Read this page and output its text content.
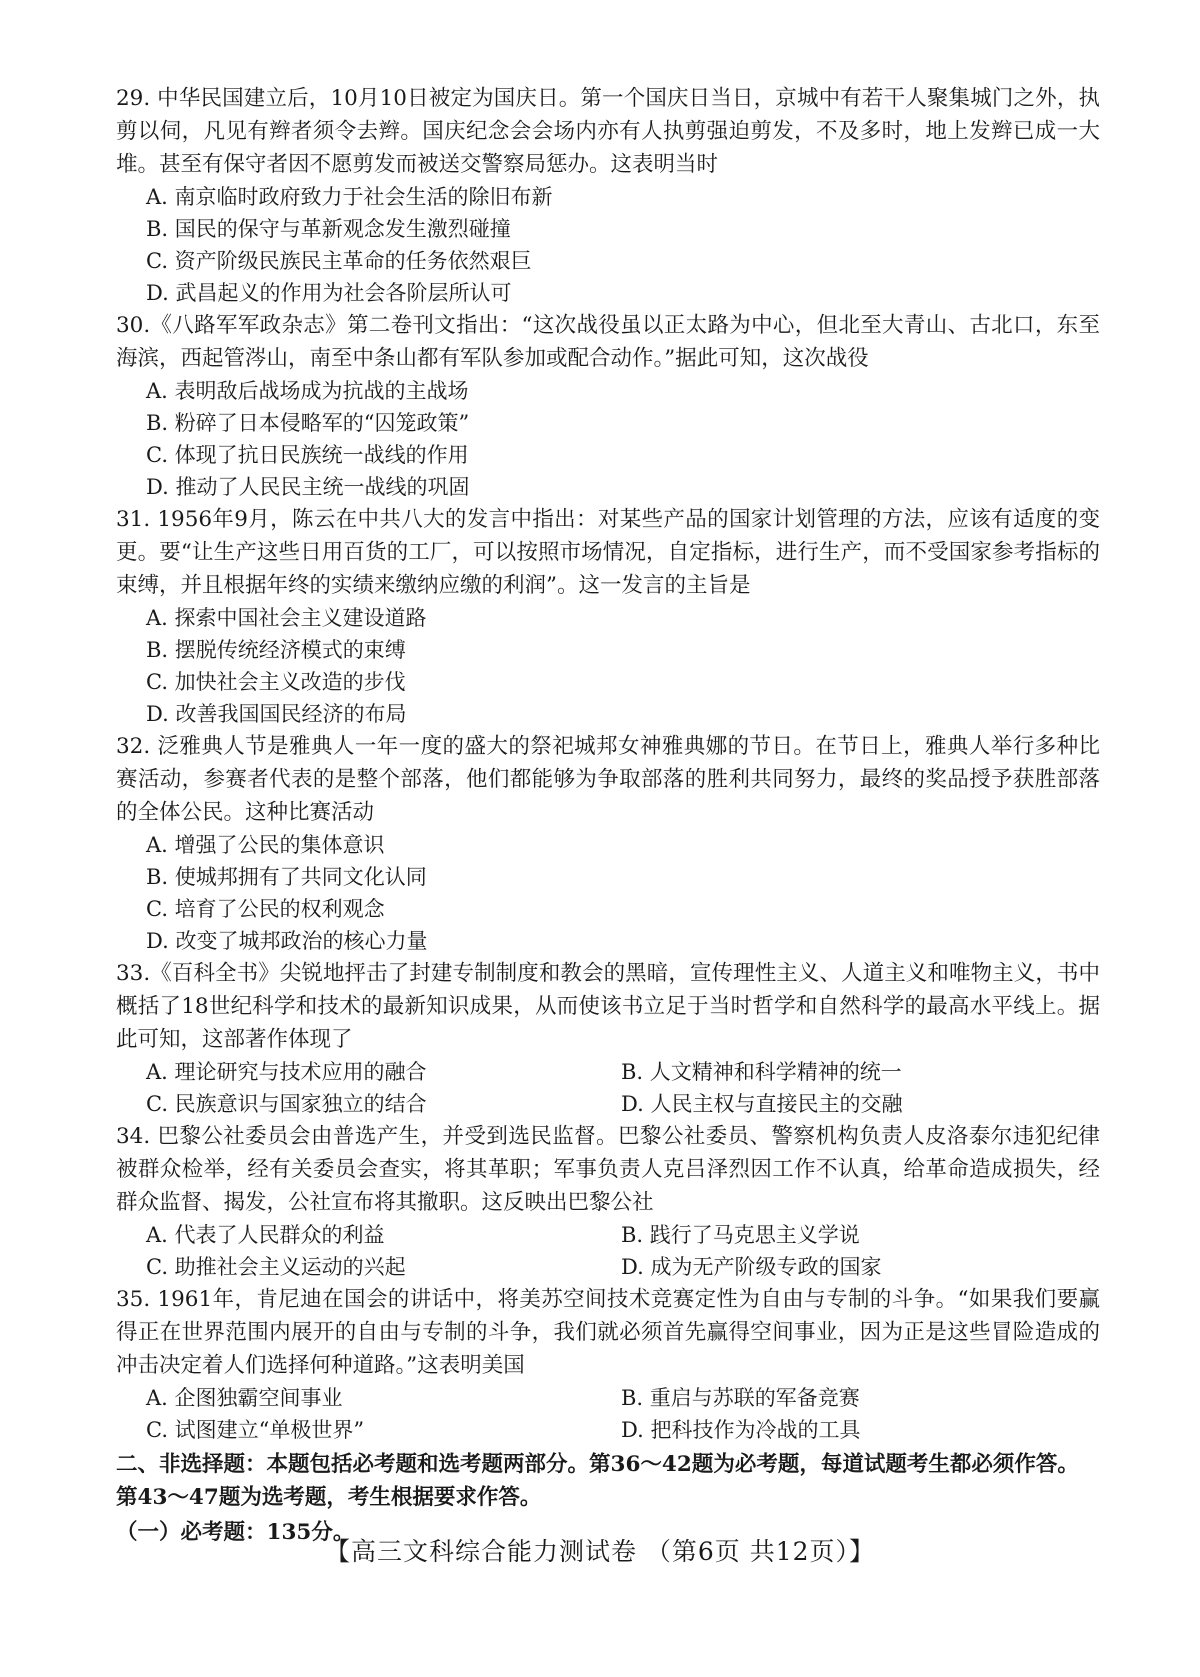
29. 中华民国建立后，10月10日被定为国庆日。第一个国庆日当日，京城中有若干人聚集城门之外，执剪以伺，凡见有辫者须令去辫。国庆纪念会会场内亦有人执剪强迫剪发，不及多时，地上发辫已成一大堆。甚至有保守者因不愿剪发而被送交警察局惩办。这表明当时
A. 南京临时政府致力于社会生活的除旧布新
B. 国民的保守与革新观念发生激烈碰撞
C. 资产阶级民族民主革命的任务依然艰巨
D. 武昌起义的作用为社会各阶层所认可
30.《八路军军政杂志》第二卷刊文指出：“这次战役虽以正太路为中心，但北至大青山、古北口，东至海滨，西起管涔山，南至中条山都有军队参加或配合动作。”据此可知，这次战役
A. 表明敌后战场成为抗战的主战场
B. 粉碎了日本侵略军的“囚笼政策”
C. 体现了抗日民族统一战线的作用
D. 推动了人民民主统一战线的巩固
31. 1956年9月，陈云在中共八大的发言中指出：对某些产品的国家计划管理的方法，应该有适度的变更。要“让生产这些日用百货的工厂，可以按照市场情况，自定指标，进行生产，而不受国家参考指标的束缚，并且根据年终的实绩来缴纳应缴的利润”。这一发言的主旨是
A. 探索中国社会主义建设道路
B. 摆脱传统经济模式的束缚
C. 加快社会主义改造的步伐
D. 改善我国国民经济的布局
32. 泛雅典人节是雅典人一年一度的盛大的祭祀城邦女神雅典娜的节日。在节日上，雅典人举行多种比赛活动，参赛者代表的是整个部落，他们都能够为争取部落的胜利共同努力，最终的奖品授予获胜部落的全体公民。这种比赛活动
A. 增强了公民的集体意识
B. 使城邦拥有了共同文化认同
C. 培育了公民的权利观念
D. 改变了城邦政治的核心力量
33.《百科全书》尖锐地抨击了封建专制制度和教会的黑暗，宣传理性主义、人道主义和唯物主义，书中概括了18世纪科学和技术的最新知识成果，从而使该书立足于当时哲学和自然科学的最高水平线上。据此可知，这部著作体现了
A. 理论研究与技术应用的融合	B. 人文精神和科学精神的统一
C. 民族意识与国家独立的结合	D. 人民主权与直接民主的交融
34. 巴黎公社委员会由普选产生，并受到选民监督。巴黎公社委员、警察机构负责人皮洛泰尔违犯纪律被群众检举，经有关委员会查实，将其革职；军事负责人克吕泽烈因工作不认真，给革命造成损失，经群众监督、揭发，公社宣布将其撤职。这反映出巴黎公社
A. 代表了人民群众的利益	B. 践行了马克思主义学说
C. 助推社会主义运动的兴起	D. 成为无产阶级专政的国家
35. 1961年，肯尼迪在国会的讲话中，将美苏空间技术竞赛定性为自由与专制的斗争。“如果我们要赢得正在世界范围内展开的自由与专制的斗争，我们就必须首先赢得空间事业，因为正是这些冒险造成的冲击决定着人们选择何种道路。”这表明美国
A. 企图独霸空间事业	B. 重启与苏联的军备竞赛
C. 试图建立“单极世界”	D. 把科技作为冷战的工具
二、非选择题：本题包括必考题和选考题两部分。第36～42题为必考题，每道试题考生都必须作答。第43～47题为选考题，考生根据要求作答。
（一）必考题：135分。
【高三文科综合能力测试卷 （第6页 共12页）】
